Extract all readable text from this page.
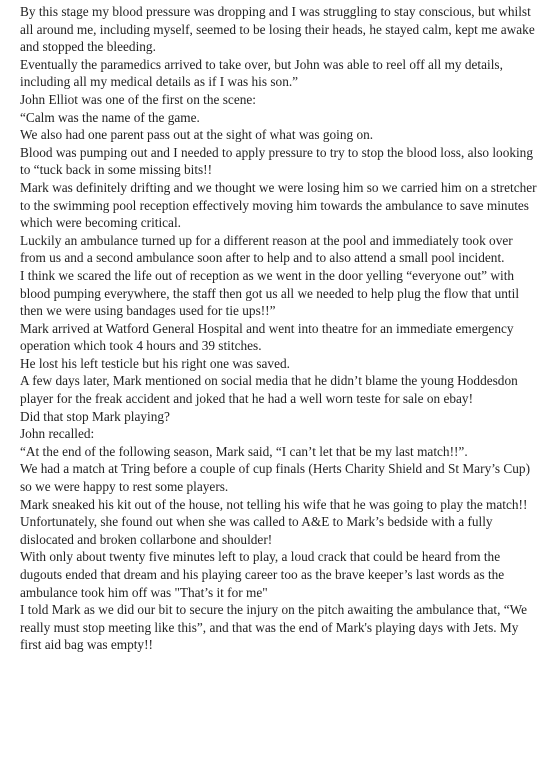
By this stage my blood pressure was dropping and I was struggling to stay conscious, but whilst all around me, including myself, seemed to be losing their heads, he stayed calm, kept me awake and stopped the bleeding.

Eventually the paramedics arrived to take over, but John was able to reel off all my details, including all my medical details as if I was his son.”

John Elliot was one of the first on the scene:

“Calm was the name of the game.

We also had one parent pass out at the sight of what was going on.

Blood was pumping out and I needed to apply pressure to try to stop the blood loss, also looking to “tuck back in some missing bits!!

Mark was definitely drifting and we thought we were losing him so we carried him on a stretcher to the swimming pool reception effectively moving him towards the ambulance to save minutes which were becoming critical.

Luckily an ambulance turned up for a different reason at the pool and immediately took over from us and a second ambulance soon after to help and to also attend a small pool incident.

I think we scared the life out of reception as we went in the door yelling “everyone out” with blood pumping everywhere, the staff then got us all we needed to help plug the flow that until then we were using bandages used for tie ups!!”

Mark arrived at Watford General Hospital and went into theatre for an immediate emergency operation which took 4 hours and 39 stitches.

He lost his left testicle but his right one was saved.

A few days later, Mark mentioned on social media that he didn’t blame the young Hoddesdon player for the freak accident and joked that he had a well worn teste for sale on ebay!

Did that stop Mark playing?

John recalled:

“At the end of the following season, Mark said, “I can’t let that be my last match!!”.

We had a match at Tring before a couple of cup finals (Herts Charity Shield and St Mary’s Cup) so we were happy to rest some players.

Mark sneaked his kit out of the house, not telling his wife that he was going to play the match!!

Unfortunately, she found out when she was called to A&E to Mark’s bedside with a fully dislocated and broken collarbone and shoulder!

With only about twenty five minutes left to play, a loud crack that could be heard from the dugouts ended that dream and his playing career too as the brave keeper’s last words as the ambulance took him off was "That’s it for me"

I told Mark as we did our bit to secure the injury on the pitch awaiting the ambulance that, “We really must stop meeting like this”, and that was the end of Mark's playing days with Jets. My first aid bag was empty!!
